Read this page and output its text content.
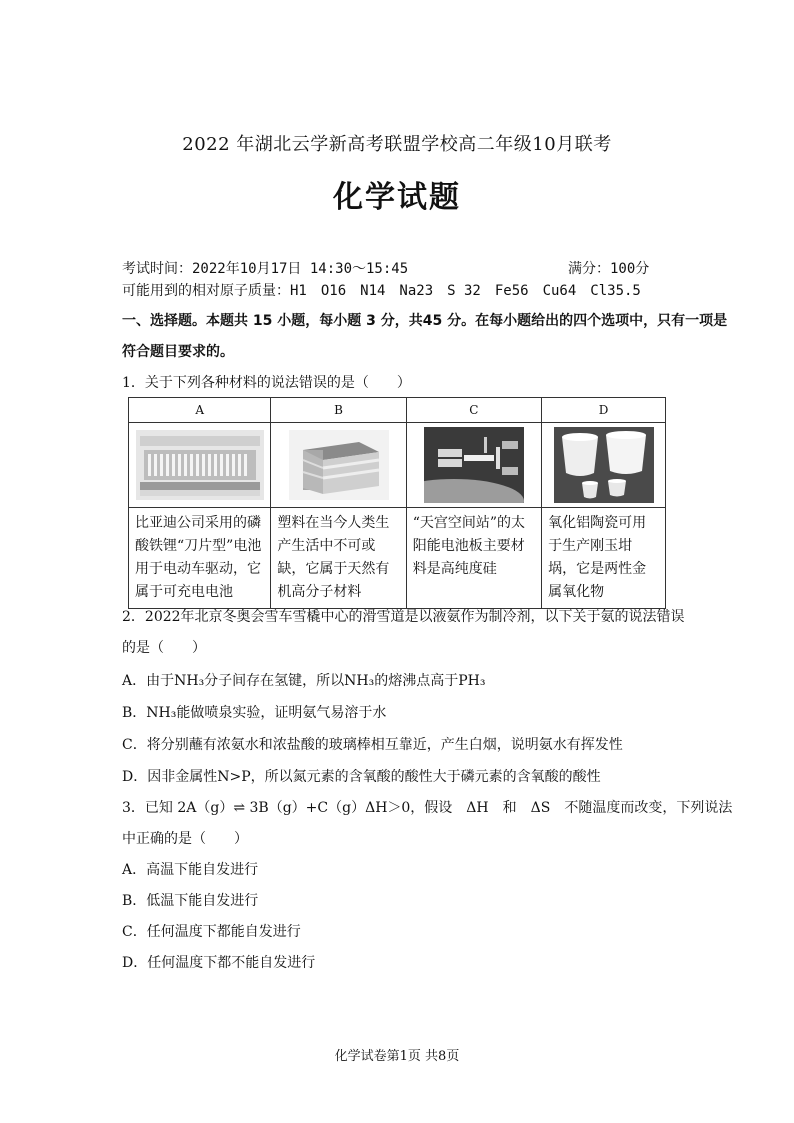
2022 年湖北云学新高考联盟学校高二年级10月联考
化学试题
考试时间：2022年10月17日 14:30～15:45	满分：100分
可能用到的相对原子质量：H1　O16　N14　Na23　S 32　Fe56　Cu64　Cl35.5
一、选择题。本题共 15 小题，每小题 3 分，共45 分。在每小题给出的四个选项中，只有一项是
符合题目要求的。
1．关于下列各种材料的说法错误的是（　　）
A	B	C	D

比亚迪公司采用的磷酸铁锂“刀片型”电池用于电动车驱动，它属于可充电电池	塑料在当今人类生产生活中不可或缺，它属于天然有机高分子材料	“天宫空间站”的太阳能电池板主要材料是高纯度硅	氧化铝陶瓷可用于生产刚玉坩埚，它是两性金属氧化物
2．2022年北京冬奥会雪车雪橇中心的滑雪道是以液氨作为制冷剂，以下关于氨的说法错误
的是（　　）
A．由于NH₃分子间存在氢键，所以NH₃的熔沸点高于PH₃
B．NH₃能做喷泉实验，证明氨气易溶于水
C．将分别蘸有浓氨水和浓盐酸的玻璃棒相互靠近，产生白烟，说明氨水有挥发性
D．因非金属性N>P，所以氮元素的含氧酸的酸性大于磷元素的含氧酸的酸性
3．已知 2A（g）⇌ 3B（g）+C（g）ΔH＞0，假设　ΔH　和　ΔS　不随温度而改变，下列说法
中正确的是（　　）
A．高温下能自发进行
B．低温下能自发进行
C．任何温度下都能自发进行
D．任何温度下都不能自发进行
化学试卷第1页 共8页
